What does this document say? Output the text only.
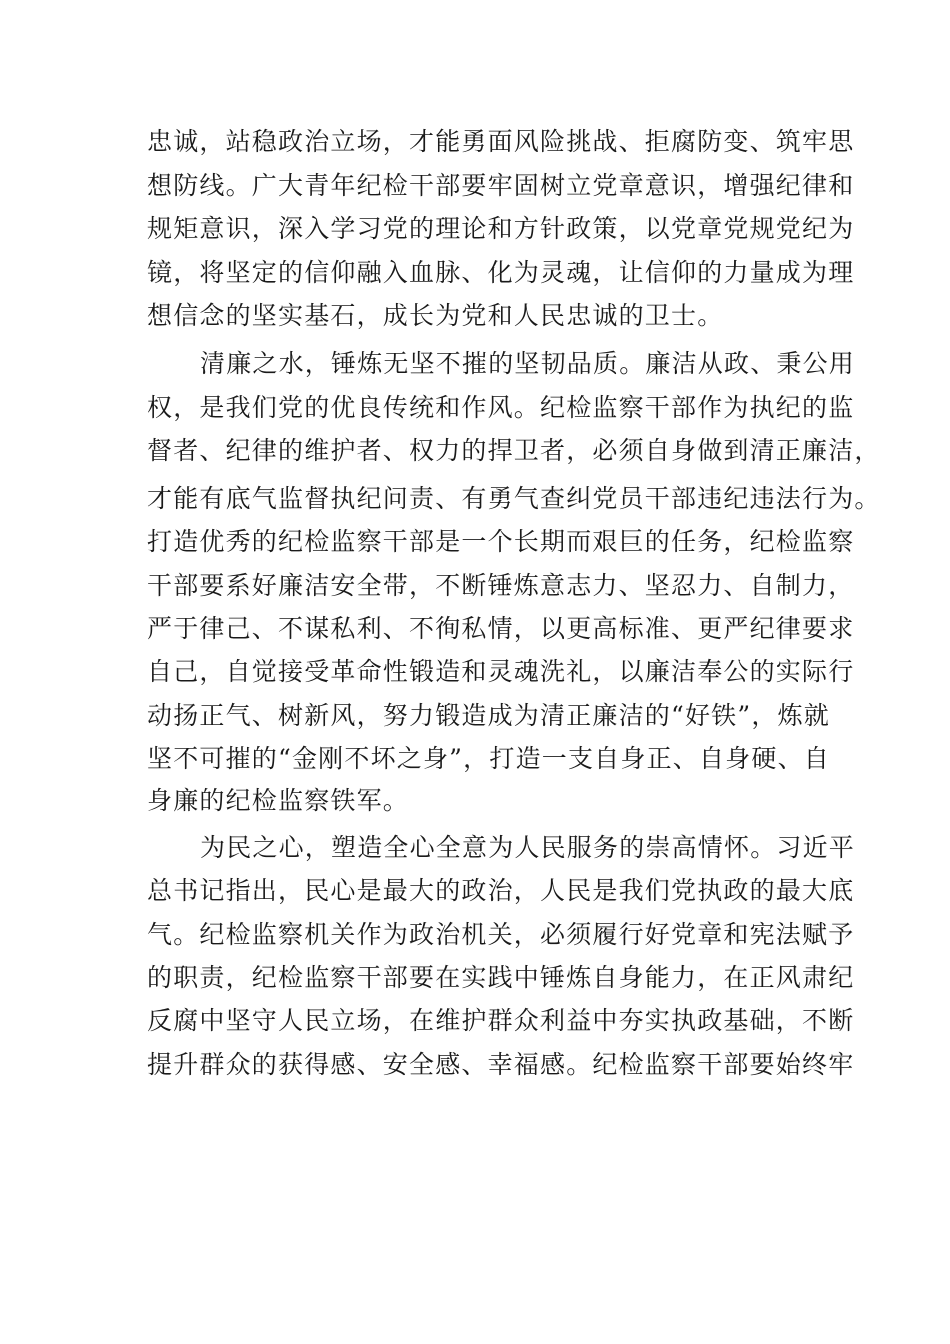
忠诚，站稳政治立场，才能勇面风险挑战、拒腐防变、筑牢思
想防线。广大青年纪检干部要牢固树立党章意识，增强纪律和
规矩意识，深入学习党的理论和方针政策，以党章党规党纪为
镜，将坚定的信仰融入血脉、化为灵魂，让信仰的力量成为理
想信念的坚实基石，成长为党和人民忠诚的卫士。
清廉之水，锤炼无坚不摧的坚韧品质。廉洁从政、秉公用
权，是我们党的优良传统和作风。纪检监察干部作为执纪的监
督者、纪律的维护者、权力的捍卫者，必须自身做到清正廉洁，
才能有底气监督执纪问责、有勇气查纠党员干部违纪违法行为。
打造优秀的纪检监察干部是一个长期而艰巨的任务，纪检监察
干部要系好廉洁安全带，不断锤炼意志力、坚忍力、自制力，
严于律己、不谋私利、不徇私情，以更高标准、更严纪律要求
自己，自觉接受革命性锻造和灵魂洗礼，以廉洁奉公的实际行
动扬正气、树新风，努力锻造成为清正廉洁的“好铁”，炼就
坚不可摧的“金刚不坏之身”，打造一支自身正、自身硬、自
身廉的纪检监察铁军。
为民之心，塑造全心全意为人民服务的崇高情怀。习近平
总书记指出，民心是最大的政治，人民是我们党执政的最大底
气。纪检监察机关作为政治机关，必须履行好党章和宪法赋予
的职责，纪检监察干部要在实践中锤炼自身能力，在正风肃纪
反腐中坚守人民立场，在维护群众利益中夯实执政基础，不断
提升群众的获得感、安全感、幸福感。纪检监察干部要始终牢
